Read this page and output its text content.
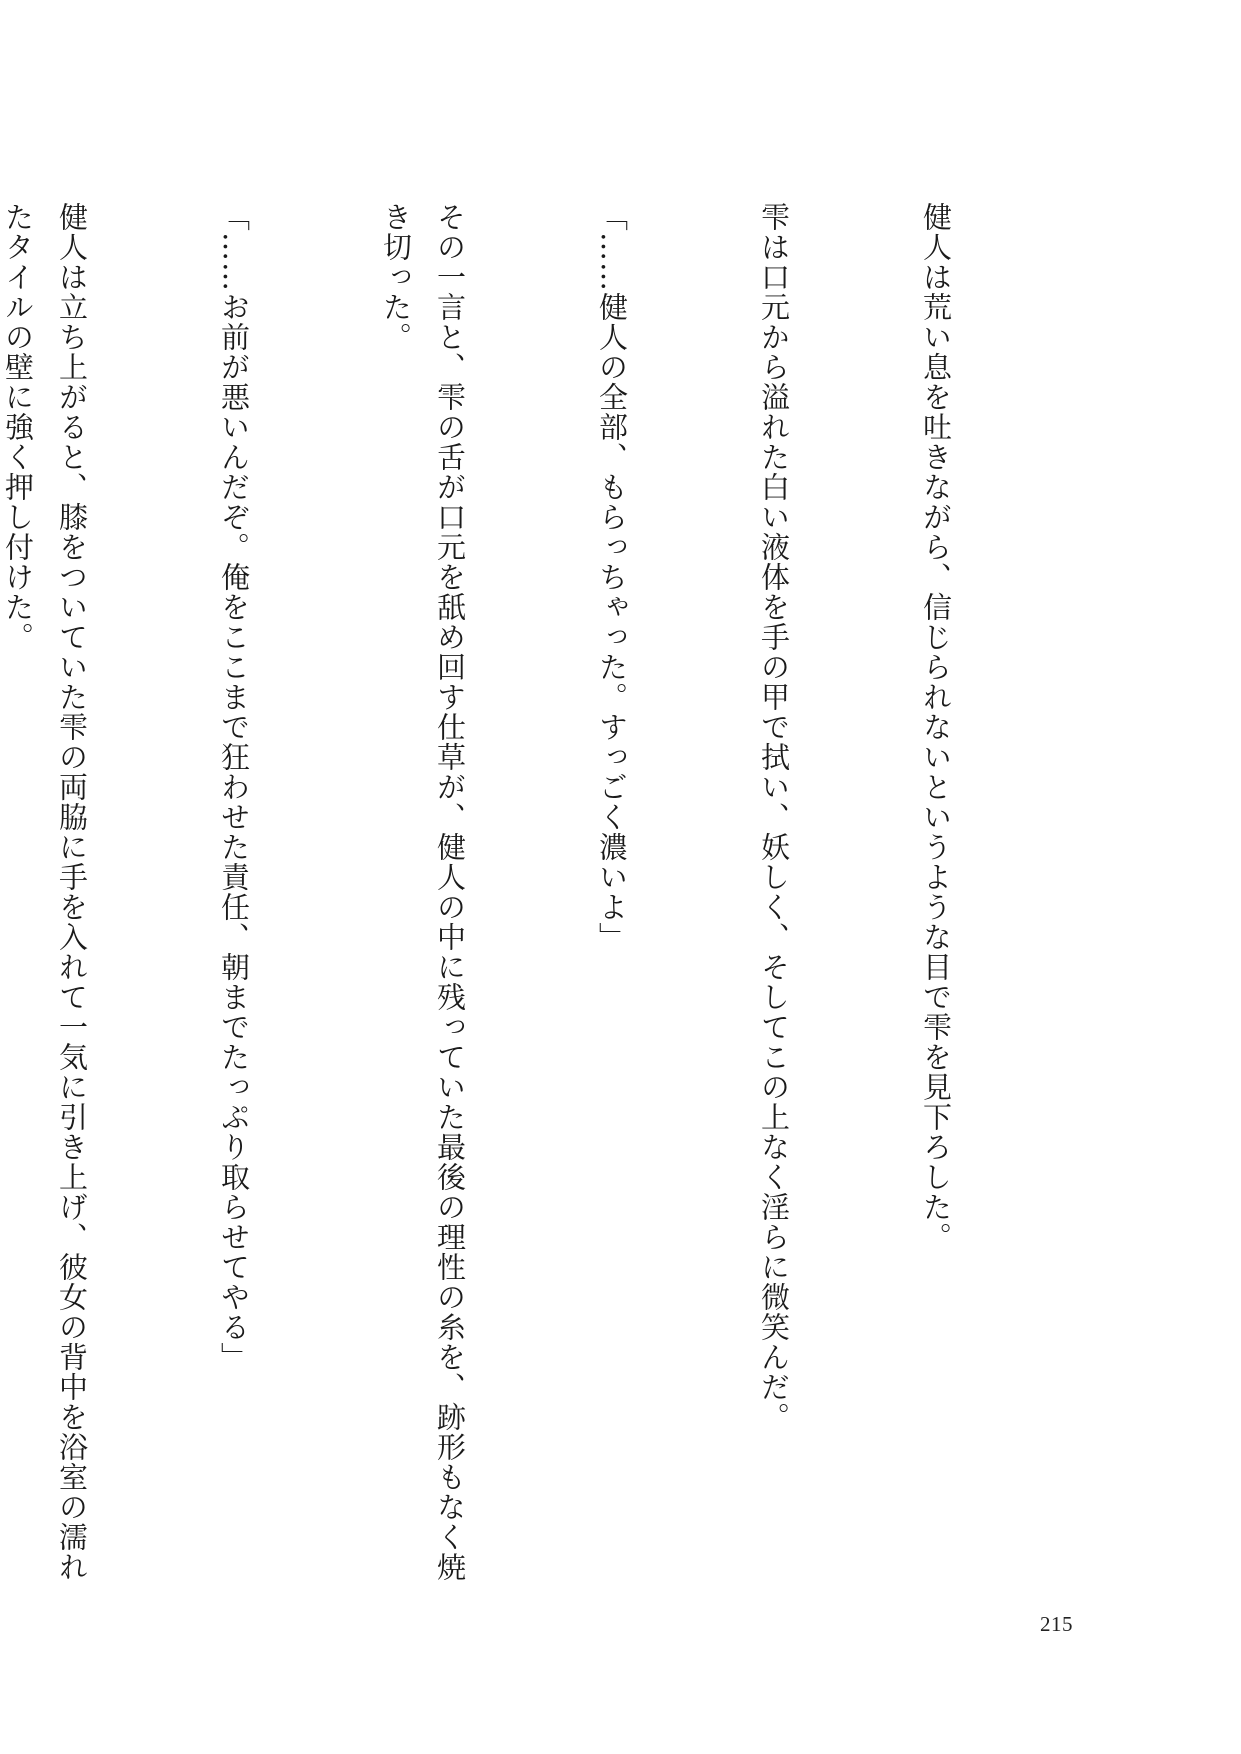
健人は荒い息を吐きながら、信じられないというような目で雫を見下ろした。

雫は口元から溢れた白い液体を手の甲で拭い、妖しく、そしてこの上なく淫らに微笑んだ。

「……健人の全部、もらっちゃった。すっごく濃いよ」

その一言と、雫の舌が口元を舐め回す仕草が、健人の中に残っていた最後の理性の糸を、跡形もなく焼き切った。

「……お前が悪いんだぞ。俺をここまで狂わせた責任、朝までたっぷり取らせてやる」

健人は立ち上がると、膝をついていた雫の両脇に手を入れて一気に引き上げ、彼女の背中を浴室の濡れたタイルの壁に強く押し付けた。

215
